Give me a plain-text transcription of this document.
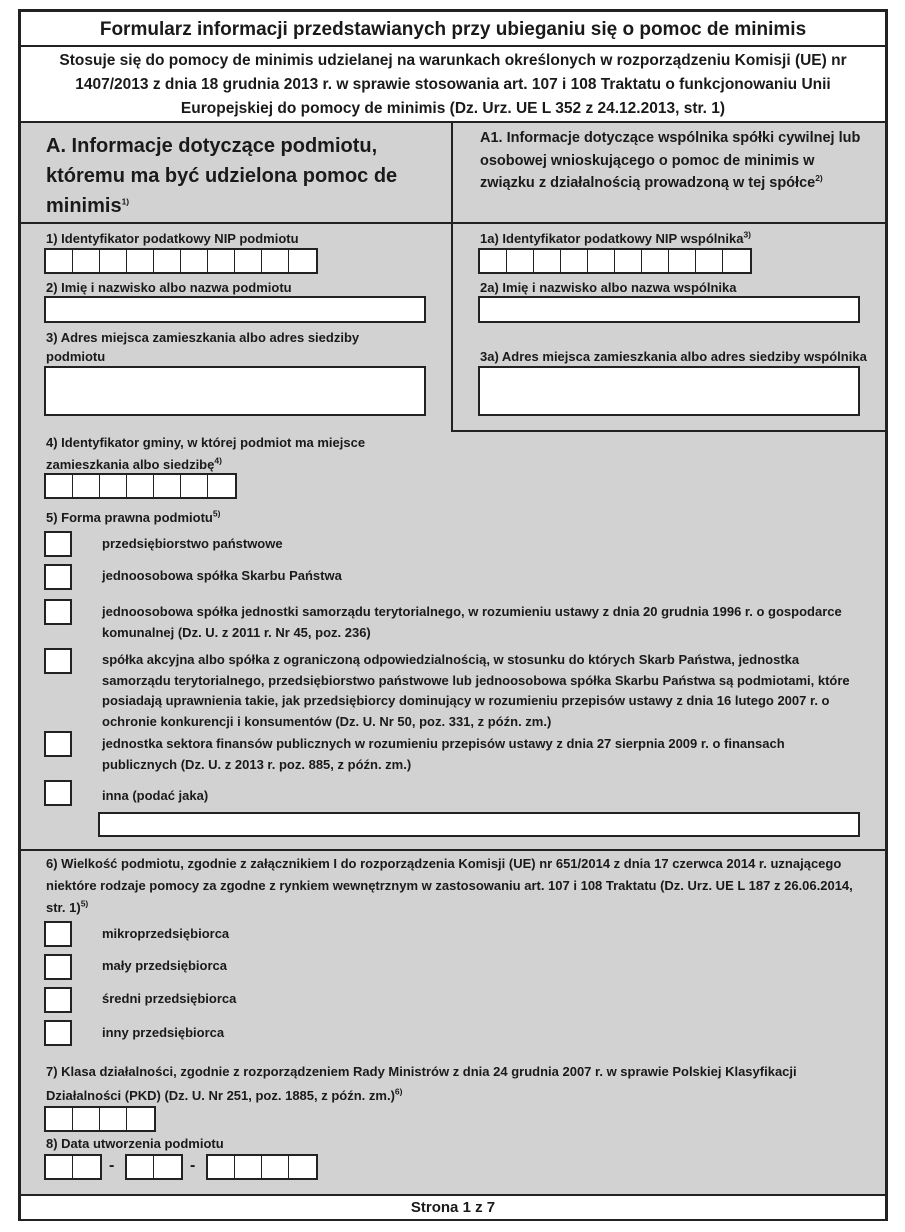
Formularz informacji przedstawianych przy ubieganiu się o pomoc de minimis
Stosuje się do pomocy de minimis udzielanej na warunkach określonych w rozporządzeniu Komisji (UE) nr 1407/2013 z dnia 18 grudnia 2013 r. w sprawie stosowania art. 107 i 108 Traktatu o funkcjonowaniu Unii Europejskiej do pomocy de minimis (Dz. Urz. UE L 352 z 24.12.2013, str. 1)
A. Informacje dotyczące podmiotu, któremu ma być udzielona pomoc de minimis$^{1)}$
A1. Informacje dotyczące wspólnika spółki cywilnej lub osobowej wnioskującego o pomoc de minimis w związku z działalnością prowadzoną w tej spółce$^{2)}$
1) Identyfikator podatkowy NIP podmiotu	1a) Identyfikator podatkowy NIP wspólnika$^{3)}$
2) Imię i nazwisko albo nazwa podmiotu	2a) Imię i nazwisko albo nazwa wspólnika
3) Adres miejsca zamieszkania albo adres siedziby podmiotu	3a) Adres miejsca zamieszkania albo adres siedziby wspólnika
4) Identyfikator gminy, w której podmiot ma miejsce zamieszkania albo siedzibę$^{4)}$
5) Forma prawna podmiotu$^{5)}$
przedsiębiorstwo państwowe
jednoosobowa spółka Skarbu Państwa
jednoosobowa spółka jednostki samorządu terytorialnego, w rozumieniu ustawy z dnia 20 grudnia 1996 r. o gospodarce komunalnej (Dz. U. z 2011 r. Nr 45, poz. 236)
spółka akcyjna albo spółka z ograniczoną odpowiedzialnością, w stosunku do których Skarb Państwa, jednostka samorządu terytorialnego, przedsiębiorstwo państwowe lub jednoosobowa spółka Skarbu Państwa są podmiotami, które posiadają uprawnienia takie, jak przedsiębiorcy dominujący w rozumieniu przepisów ustawy z dnia 16 lutego 2007 r. o ochronie konkurencji i konsumentów (Dz. U. Nr 50, poz. 331, z późn. zm.)
jednostka sektora finansów publicznych w rozumieniu przepisów ustawy z dnia 27 sierpnia 2009 r. o finansach publicznych (Dz. U. z 2013 r. poz. 885, z późn. zm.)
inna (podać jaka)
6) Wielkość podmiotu, zgodnie z załącznikiem I do rozporządzenia Komisji (UE) nr 651/2014 z dnia 17 czerwca 2014 r. uznającego niektóre rodzaje pomocy za zgodne z rynkiem wewnętrznym w zastosowaniu art. 107 i 108 Traktatu (Dz. Urz. UE L 187 z 26.06.2014, str. 1)$^{5)}$
mikroprzedsiębiorca
mały przedsiębiorca
średni przedsiębiorca
inny przedsiębiorca
7) Klasa działalności, zgodnie z rozporządzeniem Rady Ministrów z dnia 24 grudnia 2007 r. w sprawie Polskiej Klasyfikacji Działalności (PKD) (Dz. U. Nr 251, poz. 1885, z późn. zm.)$^{6)}$
8) Data utworzenia podmiotu
-	-
Strona 1 z 7
